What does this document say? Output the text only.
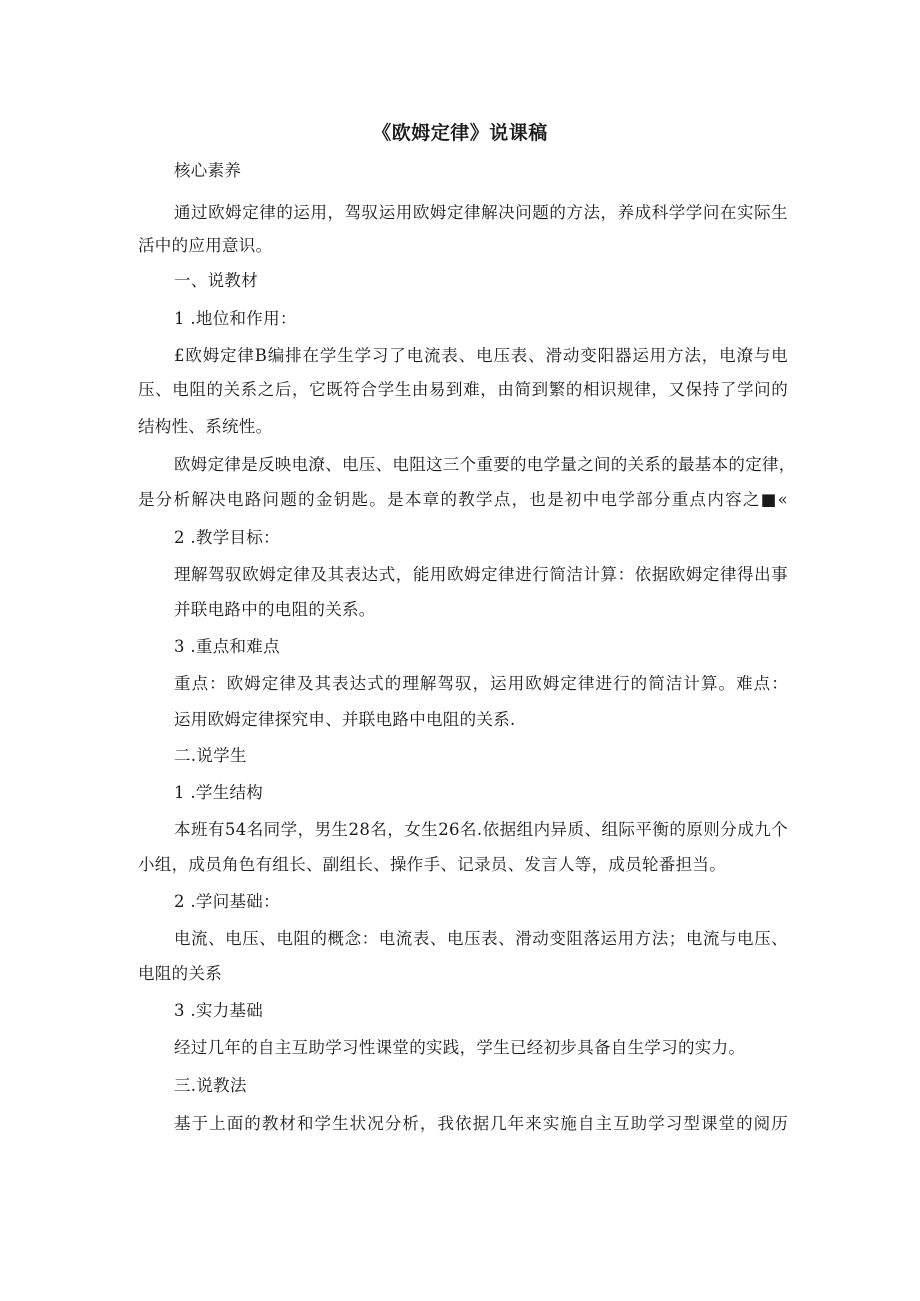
《欧姆定律》说课稿
核心素养
通过欧姆定律的运用，驾驭运用欧姆定律解决问题的方法，养成科学学问在实际生
活中的应用意识。
一、说教材
1 .地位和作用：
£欧姆定律B编排在学生学习了电流表、电压表、滑动变阳器运用方法，电潦与电
压、电阻的关系之后，它既符合学生由易到难，由简到繁的相识规律，又保持了学问的
结构性、系统性。
欧姆定律是反映电潦、电压、电阻这三个重要的电学量之间的关系的最基本的定律，
是分析解决电路问题的金钥匙。是本章的教学点，也是初中电学部分重点内容之■«
2 .教学目标：
理解驾驭欧姆定律及其表达式，能用欧姆定律进行简洁计算：依据欧姆定律得出事
并联电路中的电阻的关系。
3 .重点和难点
重点：欧姆定律及其表达式的理解驾驭，运用欧姆定律进行的简洁计算。难点：
运用欧姆定律探究申、并联电路中电阻的关系.
二.说学生
1 .学生结构
本班有54名同学，男生28名，女生26名.依据组内异质、组际平衡的原则分成九个
小组，成员角色有组长、副组长、操作手、记录员、发言人等，成员轮番担当。
2 .学问基础：
电流、电压、电阻的概念：电流表、电压表、滑动变阻落运用方法；电流与电压、
电阻的关系
3 .实力基础
经过几年的自主互助学习性课堂的实践，学生已经初步具备自生学习的实力。
三.说教法
基于上面的教材和学生状况分析，我依据几年来实施自主互助学习型课堂的阅历
